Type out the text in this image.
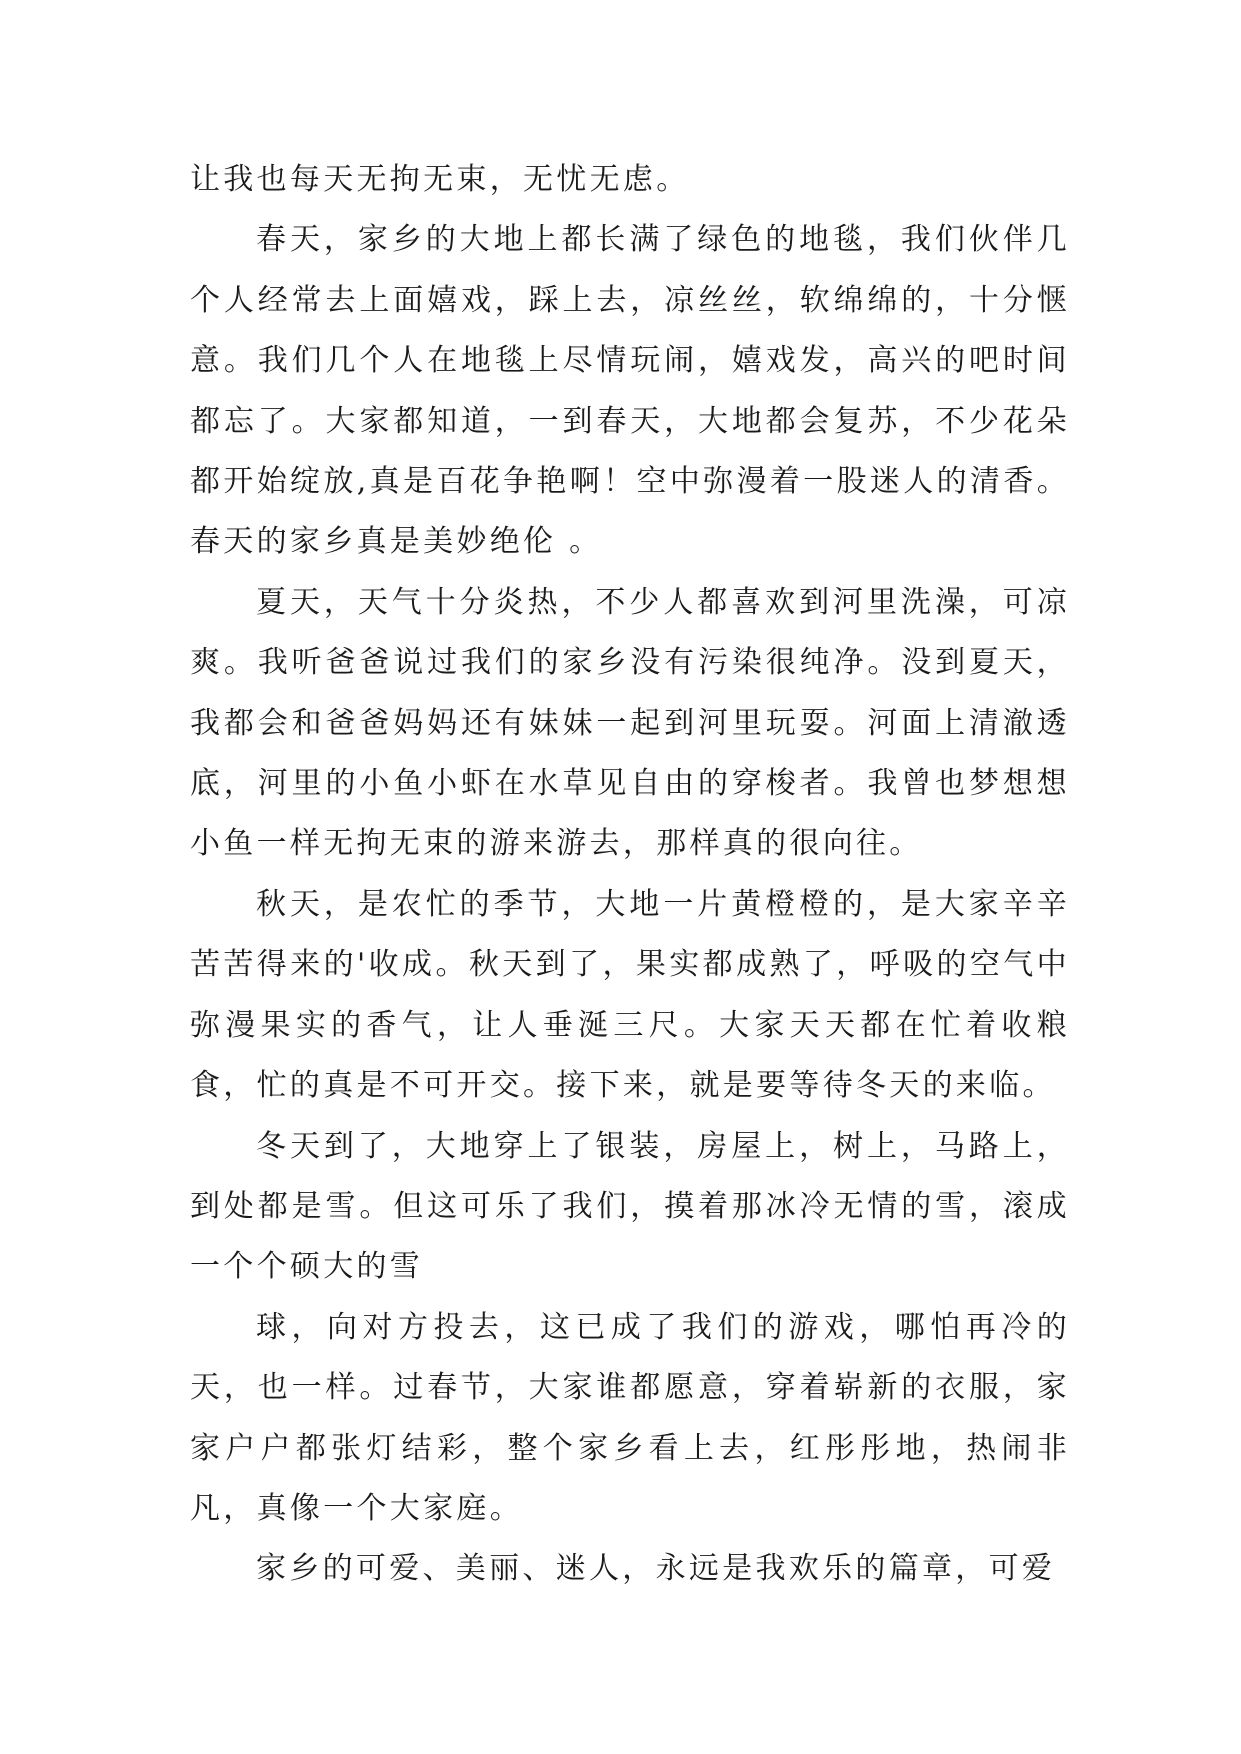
让我也每天无拘无束，无忧无虑。

春天，家乡的大地上都长满了绿色的地毯，我们伙伴几个人经常去上面嬉戏，踩上去，凉丝丝，软绵绵的，十分惬意。我们几个人在地毯上尽情玩闹，嬉戏发，高兴的吧时间都忘了。大家都知道，一到春天，大地都会复苏，不少花朵都开始绽放,真是百花争艳啊！空中弥漫着一股迷人的清香。春天的家乡真是美妙绝伦 。

夏天，天气十分炎热，不少人都喜欢到河里洗澡，可凉爽。我听爸爸说过我们的家乡没有污染很纯净。没到夏天，我都会和爸爸妈妈还有妹妹一起到河里玩耍。河面上清澈透底，河里的小鱼小虾在水草见自由的穿梭者。我曾也梦想想小鱼一样无拘无束的游来游去，那样真的很向往。

秋天，是农忙的季节，大地一片黄橙橙的，是大家辛辛苦苦得来的'收成。秋天到了，果实都成熟了，呼吸的空气中弥漫果实的香气，让人垂涎三尺。大家天天都在忙着收粮食，忙的真是不可开交。接下来，就是要等待冬天的来临。

冬天到了，大地穿上了银装，房屋上，树上，马路上，到处都是雪。但这可乐了我们，摸着那冰冷无情的雪，滚成一个个硕大的雪

球，向对方投去，这已成了我们的游戏，哪怕再冷的天，也一样。过春节，大家谁都愿意，穿着崭新的衣服，家家户户都张灯结彩，整个家乡看上去，红彤彤地，热闹非凡，真像一个大家庭。

家乡的可爱、美丽、迷人，永远是我欢乐的篇章，可爱
